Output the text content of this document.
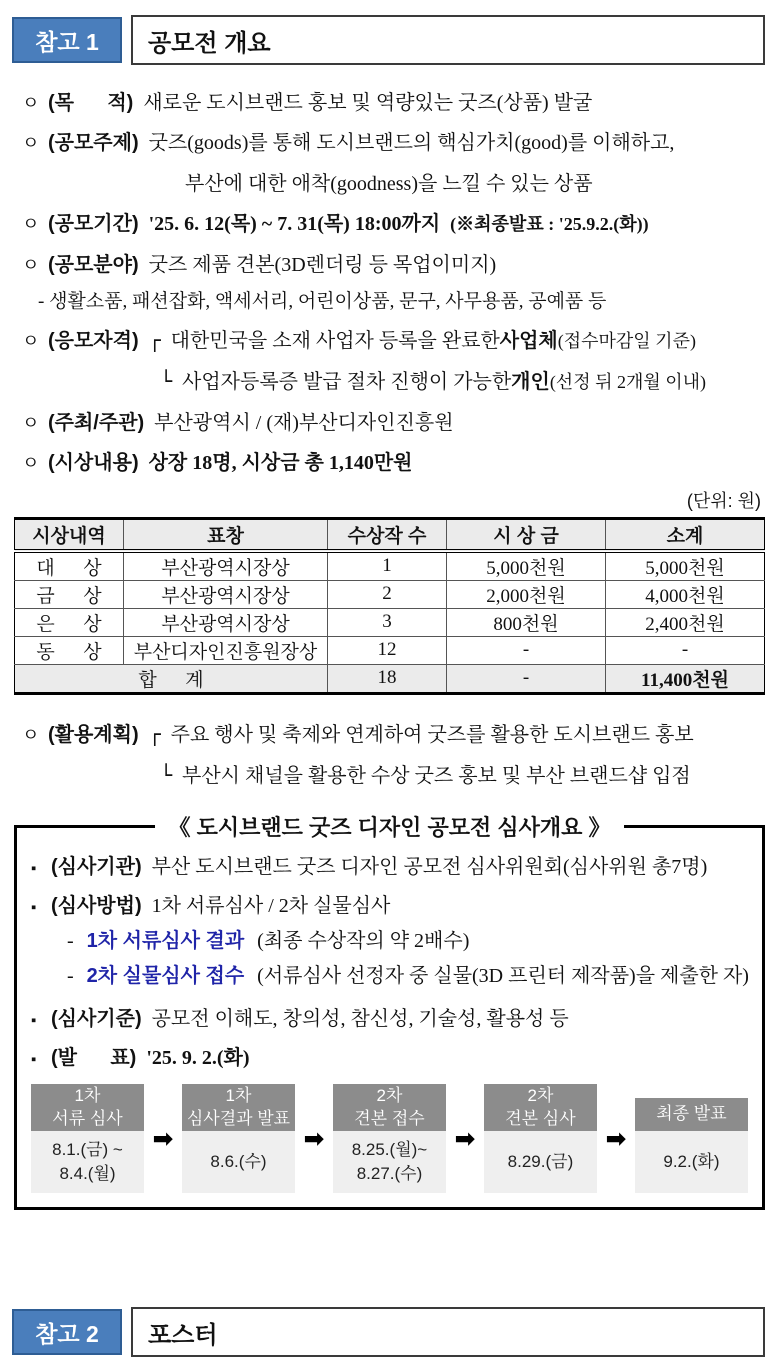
참고 1	공모전 개요
ㅇ (목      적) 새로운 도시브랜드 홍보 및 역량있는 굿즈(상품) 발굴
ㅇ (공모주제) 굿즈(goods)를 통해 도시브랜드의 핵심가치(good)를 이해하고,
부산에 대한 애착(goodness)을 느낄 수 있는 상품
ㅇ (공모기간) '25. 6. 12(목) ~ 7. 31(목) 18:00까지 (※최종발표 : '25.9.2.(화))
ㅇ (공모분야) 굿즈 제품 견본(3D렌더링 등 목업이미지)
- 생활소품, 패션잡화, 액세서리, 어린이상품, 문구, 사무용품, 공예품 등
ㅇ (응모자격) ┌ 대한민국을 소재 사업자 등록을 완료한 사업체 (접수마감일 기준)
└ 사업자등록증 발급 절차 진행이 가능한 개인 (선정 뒤 2개월 이내)
ㅇ (주최/주관) 부산광역시 / (재)부산디자인진흥원
ㅇ (시상내용) 상장 18명, 시상금 총 1,140만원
(단위: 원)
시상내역	표창	수상작 수	시 상 금	소계
대      상	부산광역시장상	1	5,000천원	5,000천원
금      상	부산광역시장상	2	2,000천원	4,000천원
은      상	부산광역시장상	3	800천원	2,400천원
동      상	부산디자인진흥원장상	12	-	-
합      계		18	-	11,400천원
ㅇ (활용계획) ┌ 주요 행사 및 축제와 연계하여 굿즈를 활용한 도시브랜드 홍보
└ 부산시 채널을 활용한 수상 굿즈 홍보 및 부산 브랜드샵 입점
《 도시브랜드 굿즈 디자인 공모전 심사개요 》
▪ (심사기관) 부산 도시브랜드 굿즈 디자인 공모전 심사위원회(심사위원 총7명)
▪ (심사방법) 1차 서류심사 / 2차 실물심사
- 1차 서류심사 결과 (최종 수상작의 약 2배수)
- 2차 실물심사 접수 (서류심사 선정자 중 실물(3D 프린터 제작품)을 제출한 자)
▪ (심사기준) 공모전 이해도, 창의성, 참신성, 기술성, 활용성 등
▪ (발      표) '25. 9. 2.(화)
1차
서류 심사
8.1.(금) ~
8.4.(월)
➡
1차
심사결과 발표
8.6.(수)
➡
2차
견본 접수
8.25.(월)~
8.27.(수)
➡
2차
견본 심사
8.29.(금)
➡
최종 발표
9.2.(화)
참고 2	포스터
